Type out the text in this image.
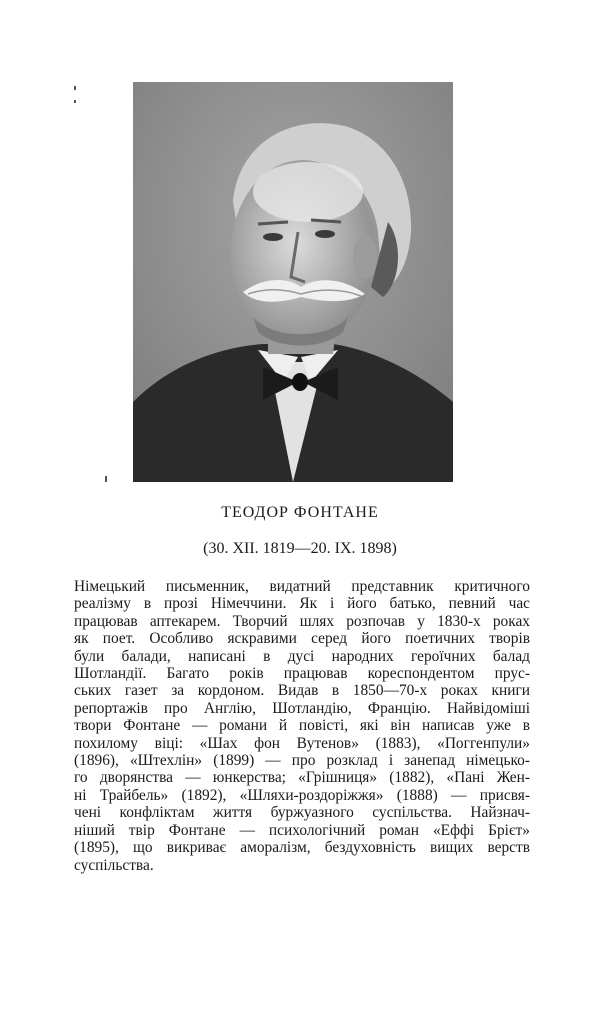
ТЕОДОР ФОНТАНЕ

(30. XII. 1819—20. IX. 1898)

Німецький письменник, видатний представник критичного
реалізму в прозі Німеччини. Як і його батько, певний час
працював аптекарем. Творчий шлях розпочав у 1830-х роках
як поет. Особливо яскравими серед його поетичних творів
були балади, написані в дусі народних героїчних балад
Шотландії. Багато років працював кореспондентом прус-
ських газет за кордоном. Видав в 1850—70-х роках книги
репортажів про Англію, Шотландію, Францію. Найвідоміші
твори Фонтане — романи й повісті, які він написав уже в
похилому віці: «Шах фон Вутенов» (1883), «Поггенпули»
(1896), «Штехлін» (1899) — про розклад і занепад німецько-
го дворянства — юнкерства; «Грішниця» (1882), «Пані Жен-
ні Трайбель» (1892), «Шляхи-роздоріжжя» (1888) — присвя-
чені конфліктам життя буржуазного суспільства. Найзнач-
ніший твір Фонтане — психологічний роман «Еффі Брієт»
(1895), що викриває аморалізм, бездуховність вищих верств
суспільства.
